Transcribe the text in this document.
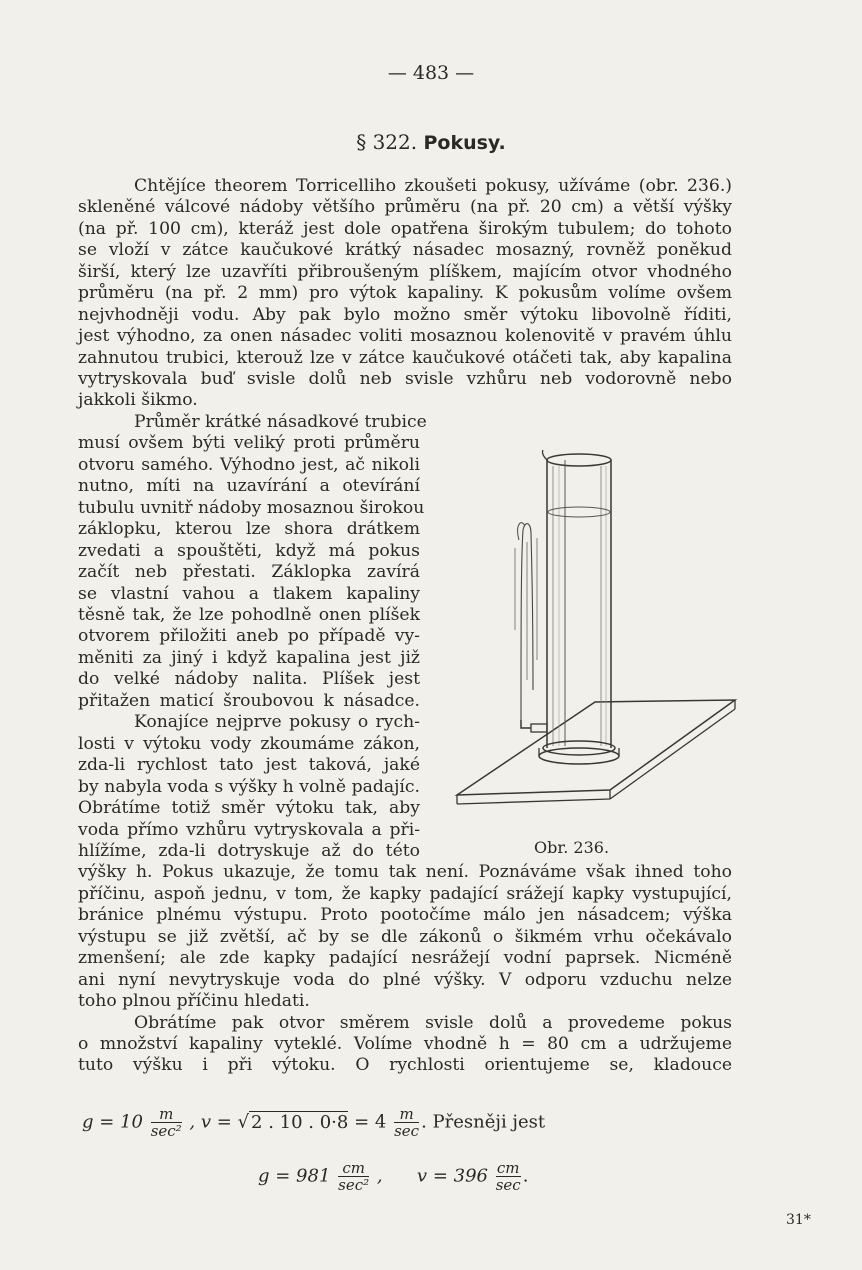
— 483 —
§ 322. Pokusy.
Chtějíce theorem Torricelliho zkoušeti pokusy, užíváme (obr. 236.)
skleněné válcové nádoby většího průměru (na př. 20 cm) a větší výšky
(na př. 100 cm), kteráž jest dole opatřena širokým tubulem; do tohoto
se vloží v zátce kaučukové krátký násadec mosazný, rovněž poněkud
širší, který lze uzavříti přibroušeným plíškem, majícím otvor vhodného
průměru (na př. 2 mm) pro výtok kapaliny. K pokusům volíme ovšem
nejvhodněji vodu. Aby pak bylo možno směr výtoku libovolně říditi,
jest výhodno, za onen násadec voliti mosaznou kolenovitě v pravém úhlu
zahnutou trubici, kterouž lze v zátce kaučukové otáčeti tak, aby kapalina
vytryskovala buď svisle dolů neb svisle vzhůru neb vodorovně nebo
jakkoli šikmo.
Průměr krátké násadkové trubice
musí ovšem býti veliký proti průměru
otvoru samého. Výhodno jest, ač nikoli
nutno, míti na uzavírání a otevírání
tubulu uvnitř nádoby mosaznou širokou
záklopku, kterou lze shora drátkem
zvedati a spouštěti, když má pokus
začít neb přestati. Záklopka zavírá
se vlastní vahou a tlakem kapaliny
těsně tak, že lze pohodlně onen plíšek
otvorem přiložiti aneb po případě vy-
měniti za jiný i když kapalina jest již
do velké nádoby nalita. Plíšek jest
přitažen maticí šroubovou k násadce.
Konajíce nejprve pokusy o rych-
losti v výtoku vody zkoumáme zákon,
zda-li rychlost tato jest taková, jaké
by nabyla voda s výšky h volně padajíc.
Obrátíme totiž směr výtoku tak, aby
voda přímo vzhůru vytryskovala a při-
hlížíme, zda-li dotryskuje až do této
výšky h. Pokus ukazuje, že tomu tak není. Poznáváme však ihned toho
příčinu, aspoň jednu, v tom, že kapky padající srážejí kapky vystupující,
bránice plnému výstupu. Proto pootočíme málo jen násadcem; výška
výstupu se již zvětší, ač by se dle zákonů o šikmém vrhu očekávalo
zmenšení; ale zde kapky padající nesrážejí vodní paprsek. Nicméně
ani nyní nevytryskuje voda do plné výšky. V odporu vzduchu nelze
toho plnou příčinu hledati.
Obrátíme pak otvor směrem svisle dolů a provedeme pokus
o množství kapaliny vyteklé. Volíme vhodně h = 80 cm a udržujeme
tuto výšku i při výtoku. O rychlosti orientujeme se, kladouce
Obr. 236.
$g = 10 \frac{m}{\text{sec²}}$ , v = √ 2 . 10 . $0\cdot 8 = 4 \frac{m}{\sec}$ . Přesněji jest
$g = 981 \frac{cm}{\text{sec²}}$ ,      $v = 396 \frac{cm}{\sec}$ .
31*
